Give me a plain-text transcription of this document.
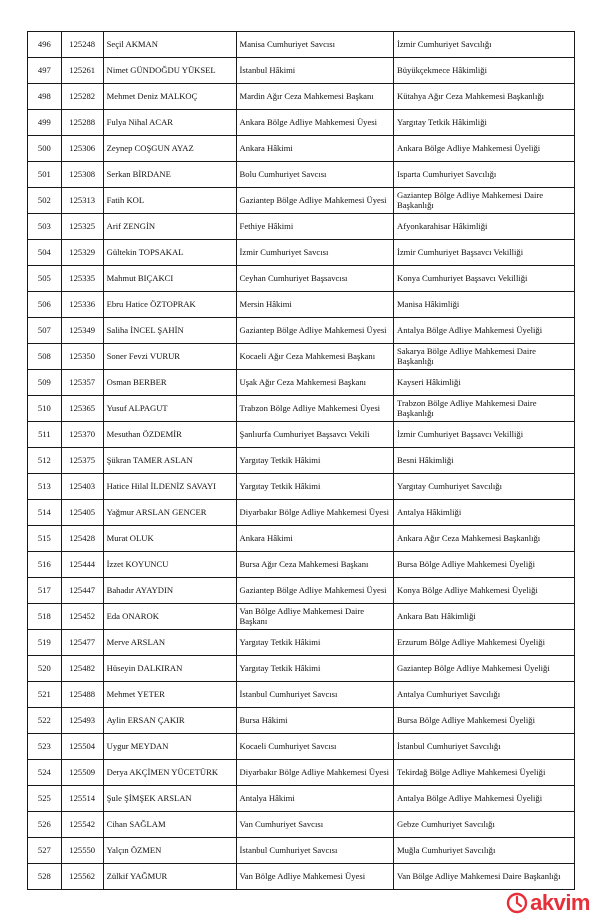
496	125248	Seçil AKMAN	Manisa Cumhuriyet Savcısı	İzmir Cumhuriyet Savcılığı
497	125261	Nimet GÜNDOĞDU YÜKSEL	İstanbul Hâkimi	Büyükçekmece Hâkimliği
498	125282	Mehmet Deniz MALKOÇ	Mardin Ağır Ceza Mahkemesi Başkanı	Kütahya Ağır Ceza Mahkemesi Başkanlığı
499	125288	Fulya Nihal ACAR	Ankara Bölge Adliye Mahkemesi Üyesi	Yargıtay Tetkik Hâkimliği
500	125306	Zeynep COŞGUN AYAZ	Ankara Hâkimi	Ankara Bölge Adliye Mahkemesi Üyeliği
501	125308	Serkan BİRDANE	Bolu Cumhuriyet Savcısı	Isparta Cumhuriyet Savcılığı
502	125313	Fatih KOL	Gaziantep Bölge Adliye Mahkemesi Üyesi	Gaziantep Bölge Adliye Mahkemesi Daire Başkanlığı
503	125325	Arif ZENGİN	Fethiye Hâkimi	Afyonkarahisar Hâkimliği
504	125329	Gültekin TOPSAKAL	İzmir Cumhuriyet Savcısı	İzmir Cumhuriyet Başsavcı Vekilliği
505	125335	Mahmut BIÇAKCI	Ceyhan Cumhuriyet Başsavcısı	Konya Cumhuriyet Başsavcı Vekilliği
506	125336	Ebru Hatice ÖZTOPRAK	Mersin Hâkimi	Manisa Hâkimliği
507	125349	Saliha İNCEL ŞAHİN	Gaziantep Bölge Adliye Mahkemesi Üyesi	Antalya Bölge Adliye Mahkemesi Üyeliği
508	125350	Soner Fevzi VURUR	Kocaeli Ağır Ceza Mahkemesi Başkanı	Sakarya Bölge Adliye Mahkemesi Daire Başkanlığı
509	125357	Osman BERBER	Uşak Ağır Ceza Mahkemesi Başkanı	Kayseri Hâkimliği
510	125365	Yusuf ALPAGUT	Trabzon Bölge Adliye Mahkemesi Üyesi	Trabzon Bölge Adliye Mahkemesi Daire Başkanlığı
511	125370	Mesuthan ÖZDEMİR	Şanlıurfa Cumhuriyet Başsavcı Vekili	İzmir Cumhuriyet Başsavcı Vekilliği
512	125375	Şükran TAMER ASLAN	Yargıtay Tetkik Hâkimi	Besni Hâkimliği
513	125403	Hatice Hilal İLDENİZ SAVAYI	Yargıtay Tetkik Hâkimi	Yargıtay Cumhuriyet Savcılığı
514	125405	Yağmur ARSLAN GENCER	Diyarbakır Bölge Adliye Mahkemesi Üyesi	Antalya Hâkimliği
515	125428	Murat OLUK	Ankara Hâkimi	Ankara Ağır Ceza Mahkemesi Başkanlığı
516	125444	İzzet KOYUNCU	Bursa Ağır Ceza Mahkemesi Başkanı	Bursa Bölge Adliye Mahkemesi Üyeliği
517	125447	Bahadır AYAYDIN	Gaziantep Bölge Adliye Mahkemesi Üyesi	Konya Bölge Adliye Mahkemesi Üyeliği
518	125452	Eda ONAROK	Van Bölge Adliye Mahkemesi Daire Başkanı	Ankara Batı Hâkimliği
519	125477	Merve ARSLAN	Yargıtay Tetkik Hâkimi	Erzurum Bölge Adliye Mahkemesi Üyeliği
520	125482	Hüseyin DALKIRAN	Yargıtay Tetkik Hâkimi	Gaziantep Bölge Adliye Mahkemesi Üyeliği
521	125488	Mehmet YETER	İstanbul Cumhuriyet Savcısı	Antalya Cumhuriyet Savcılığı
522	125493	Aylin ERSAN ÇAKIR	Bursa Hâkimi	Bursa Bölge Adliye Mahkemesi Üyeliği
523	125504	Uygur MEYDAN	Kocaeli Cumhuriyet Savcısı	İstanbul Cumhuriyet Savcılığı
524	125509	Derya AKÇİMEN YÜCETÜRK	Diyarbakır Bölge Adliye Mahkemesi Üyesi	Tekirdağ Bölge Adliye Mahkemesi Üyeliği
525	125514	Şule ŞİMŞEK ARSLAN	Antalya Hâkimi	Antalya Bölge Adliye Mahkemesi Üyeliği
526	125542	Cihan SAĞLAM	Van Cumhuriyet Savcısı	Gebze Cumhuriyet Savcılığı
527	125550	Yalçın ÖZMEN	İstanbul Cumhuriyet Savcısı	Muğla Cumhuriyet Savcılığı
528	125562	Zülkif YAĞMUR	Van Bölge Adliye Mahkemesi Üyesi	Van Bölge Adliye Mahkemesi Daire Başkanlığı
akvim
